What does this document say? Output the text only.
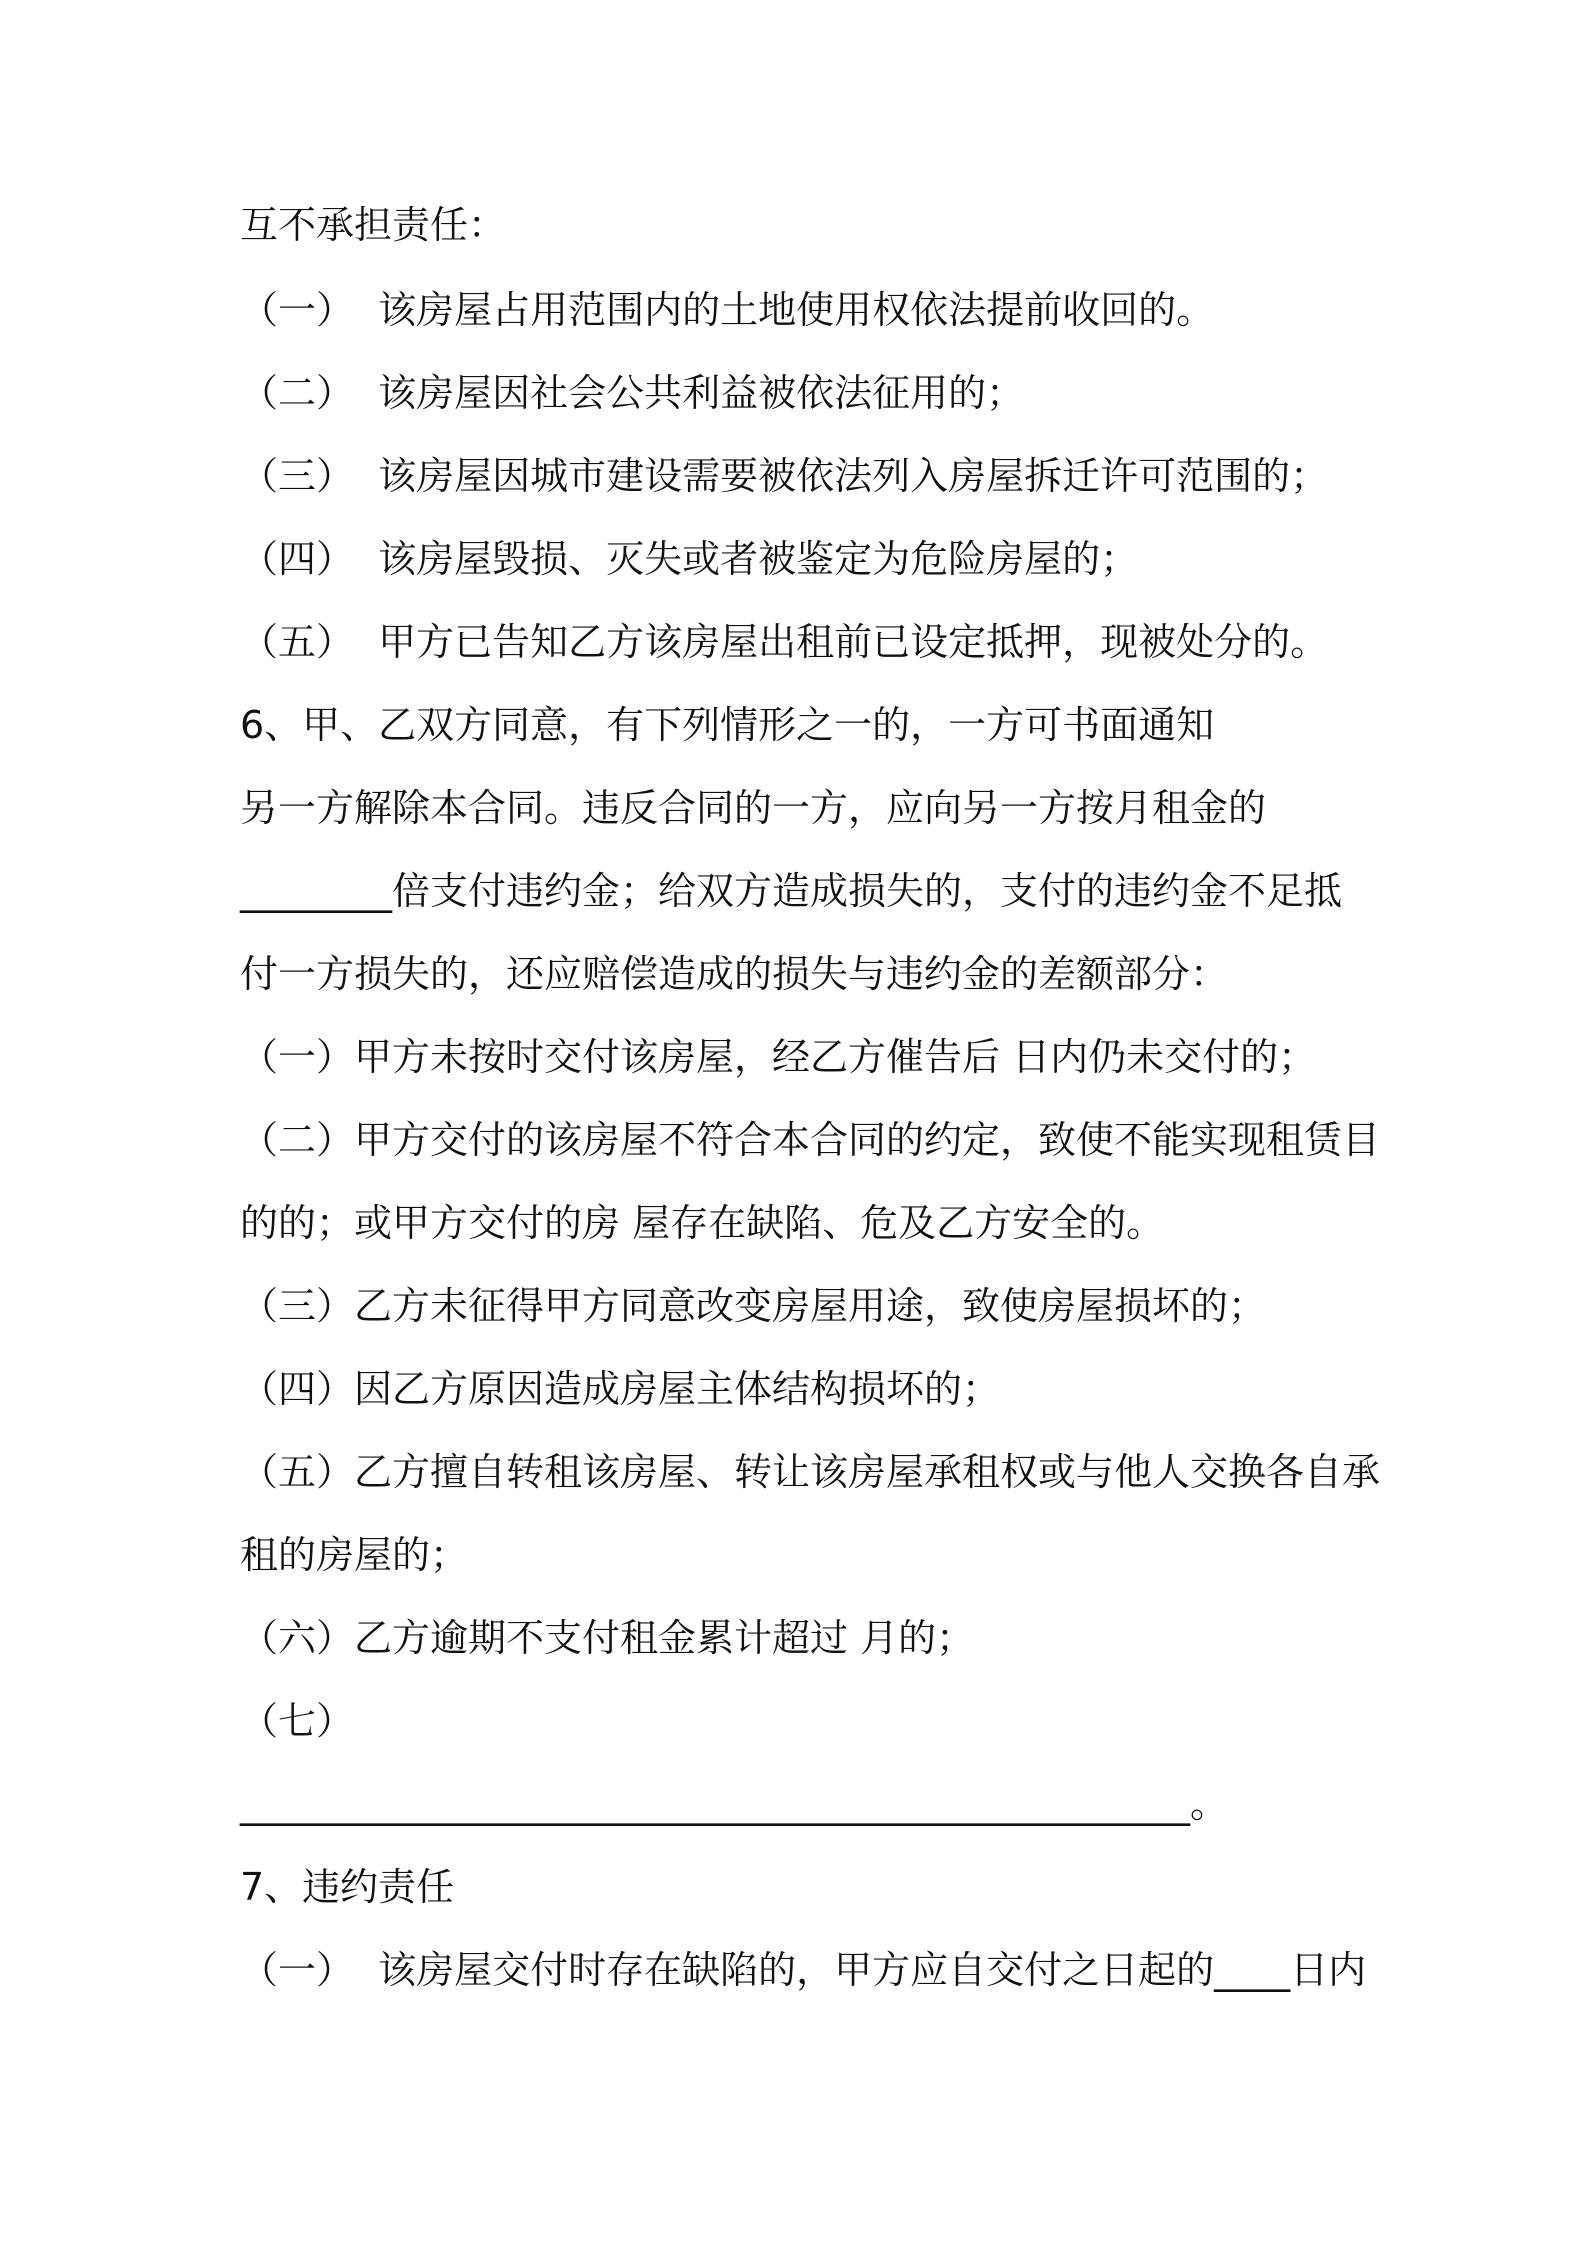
互不承担责任：
（一）  该房屋占用范围内的土地使用权依法提前收回的。
（二）  该房屋因社会公共利益被依法征用的；
（三）  该房屋因城市建设需要被依法列入房屋拆迁许可范围的；
（四）  该房屋毁损、灭失或者被鉴定为危险房屋的；
（五）  甲方已告知乙方该房屋出租前已设定抵押，现被处分的。
6、甲、乙双方同意，有下列情形之一的，一方可书面通知
另一方解除本合同。违反合同的一方，应向另一方按月租金的
________倍支付违约金；给双方造成损失的，支付的违约金不足抵
付一方损失的，还应赔偿造成的损失与违约金的差额部分：
（一）甲方未按时交付该房屋，经乙方催告后 日内仍未交付的；
（二）甲方交付的该房屋不符合本合同的约定，致使不能实现租赁目
的的；或甲方交付的房 屋存在缺陷、危及乙方安全的。
（三）乙方未征得甲方同意改变房屋用途，致使房屋损坏的；
（四）因乙方原因造成房屋主体结构损坏的；
（五）乙方擅自转租该房屋、转让该房屋承租权或与他人交换各自承
租的房屋的；
（六）乙方逾期不支付租金累计超过 月的；
（七）
__________________________________________________。
7、违约责任
（一）  该房屋交付时存在缺陷的，甲方应自交付之日起的____日内
